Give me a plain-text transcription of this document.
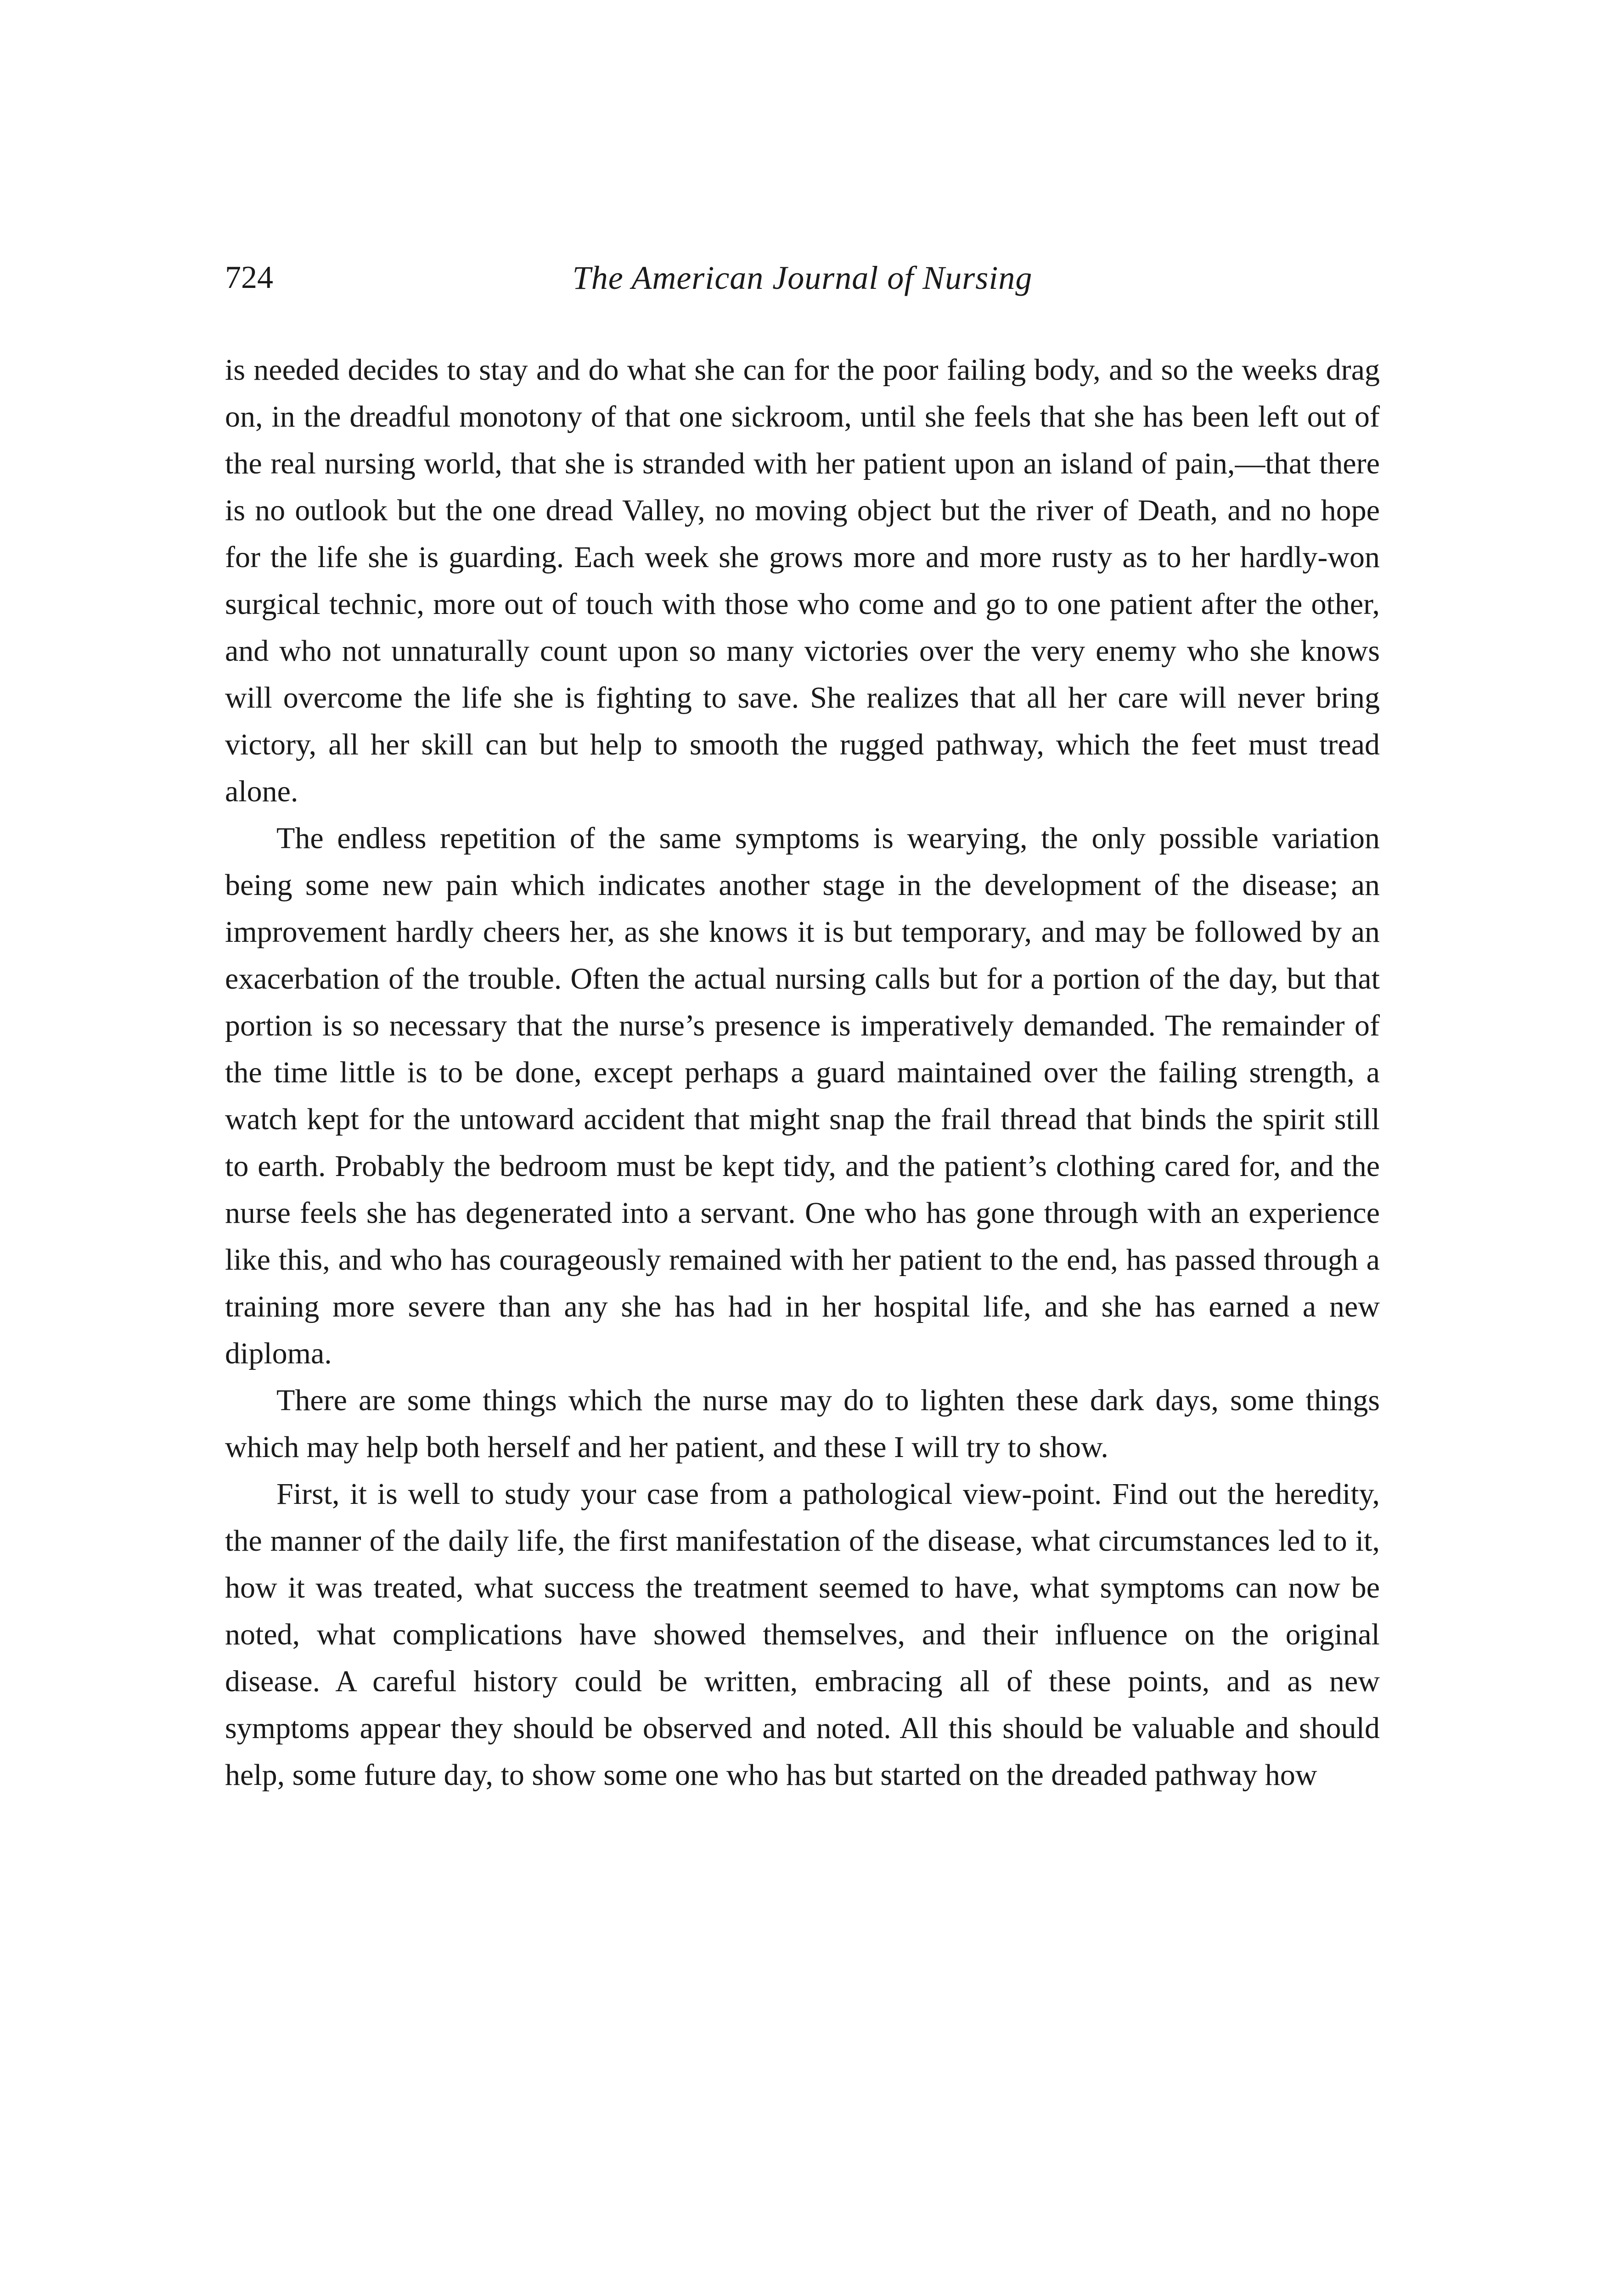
724	The American Journal of Nursing

is needed decides to stay and do what she can for the poor failing body, and so the weeks drag on, in the dreadful monotony of that one sickroom, until she feels that she has been left out of the real nursing world, that she is stranded with her patient upon an island of pain,—that there is no outlook but the one dread Valley, no moving object but the river of Death, and no hope for the life she is guarding. Each week she grows more and more rusty as to her hardly-won surgical technic, more out of touch with those who come and go to one patient after the other, and who not unnaturally count upon so many victories over the very enemy who she knows will overcome the life she is fighting to save. She realizes that all her care will never bring victory, all her skill can but help to smooth the rugged pathway, which the feet must tread alone.

The endless repetition of the same symptoms is wearying, the only possible variation being some new pain which indicates another stage in the development of the disease; an improvement hardly cheers her, as she knows it is but temporary, and may be followed by an exacerbation of the trouble. Often the actual nursing calls but for a portion of the day, but that portion is so necessary that the nurse’s presence is imperatively demanded. The remainder of the time little is to be done, except perhaps a guard maintained over the failing strength, a watch kept for the untoward accident that might snap the frail thread that binds the spirit still to earth. Probably the bedroom must be kept tidy, and the patient’s clothing cared for, and the nurse feels she has degenerated into a servant. One who has gone through with an experience like this, and who has courageously remained with her patient to the end, has passed through a training more severe than any she has had in her hospital life, and she has earned a new diploma.

There are some things which the nurse may do to lighten these dark days, some things which may help both herself and her patient, and these I will try to show.

First, it is well to study your case from a pathological view-point. Find out the heredity, the manner of the daily life, the first manifestation of the disease, what circumstances led to it, how it was treated, what success the treatment seemed to have, what symptoms can now be noted, what complications have showed themselves, and their influence on the original disease. A careful history could be written, embracing all of these points, and as new symptoms appear they should be observed and noted. All this should be valuable and should help, some future day, to show some one who has but started on the dreaded pathway how
